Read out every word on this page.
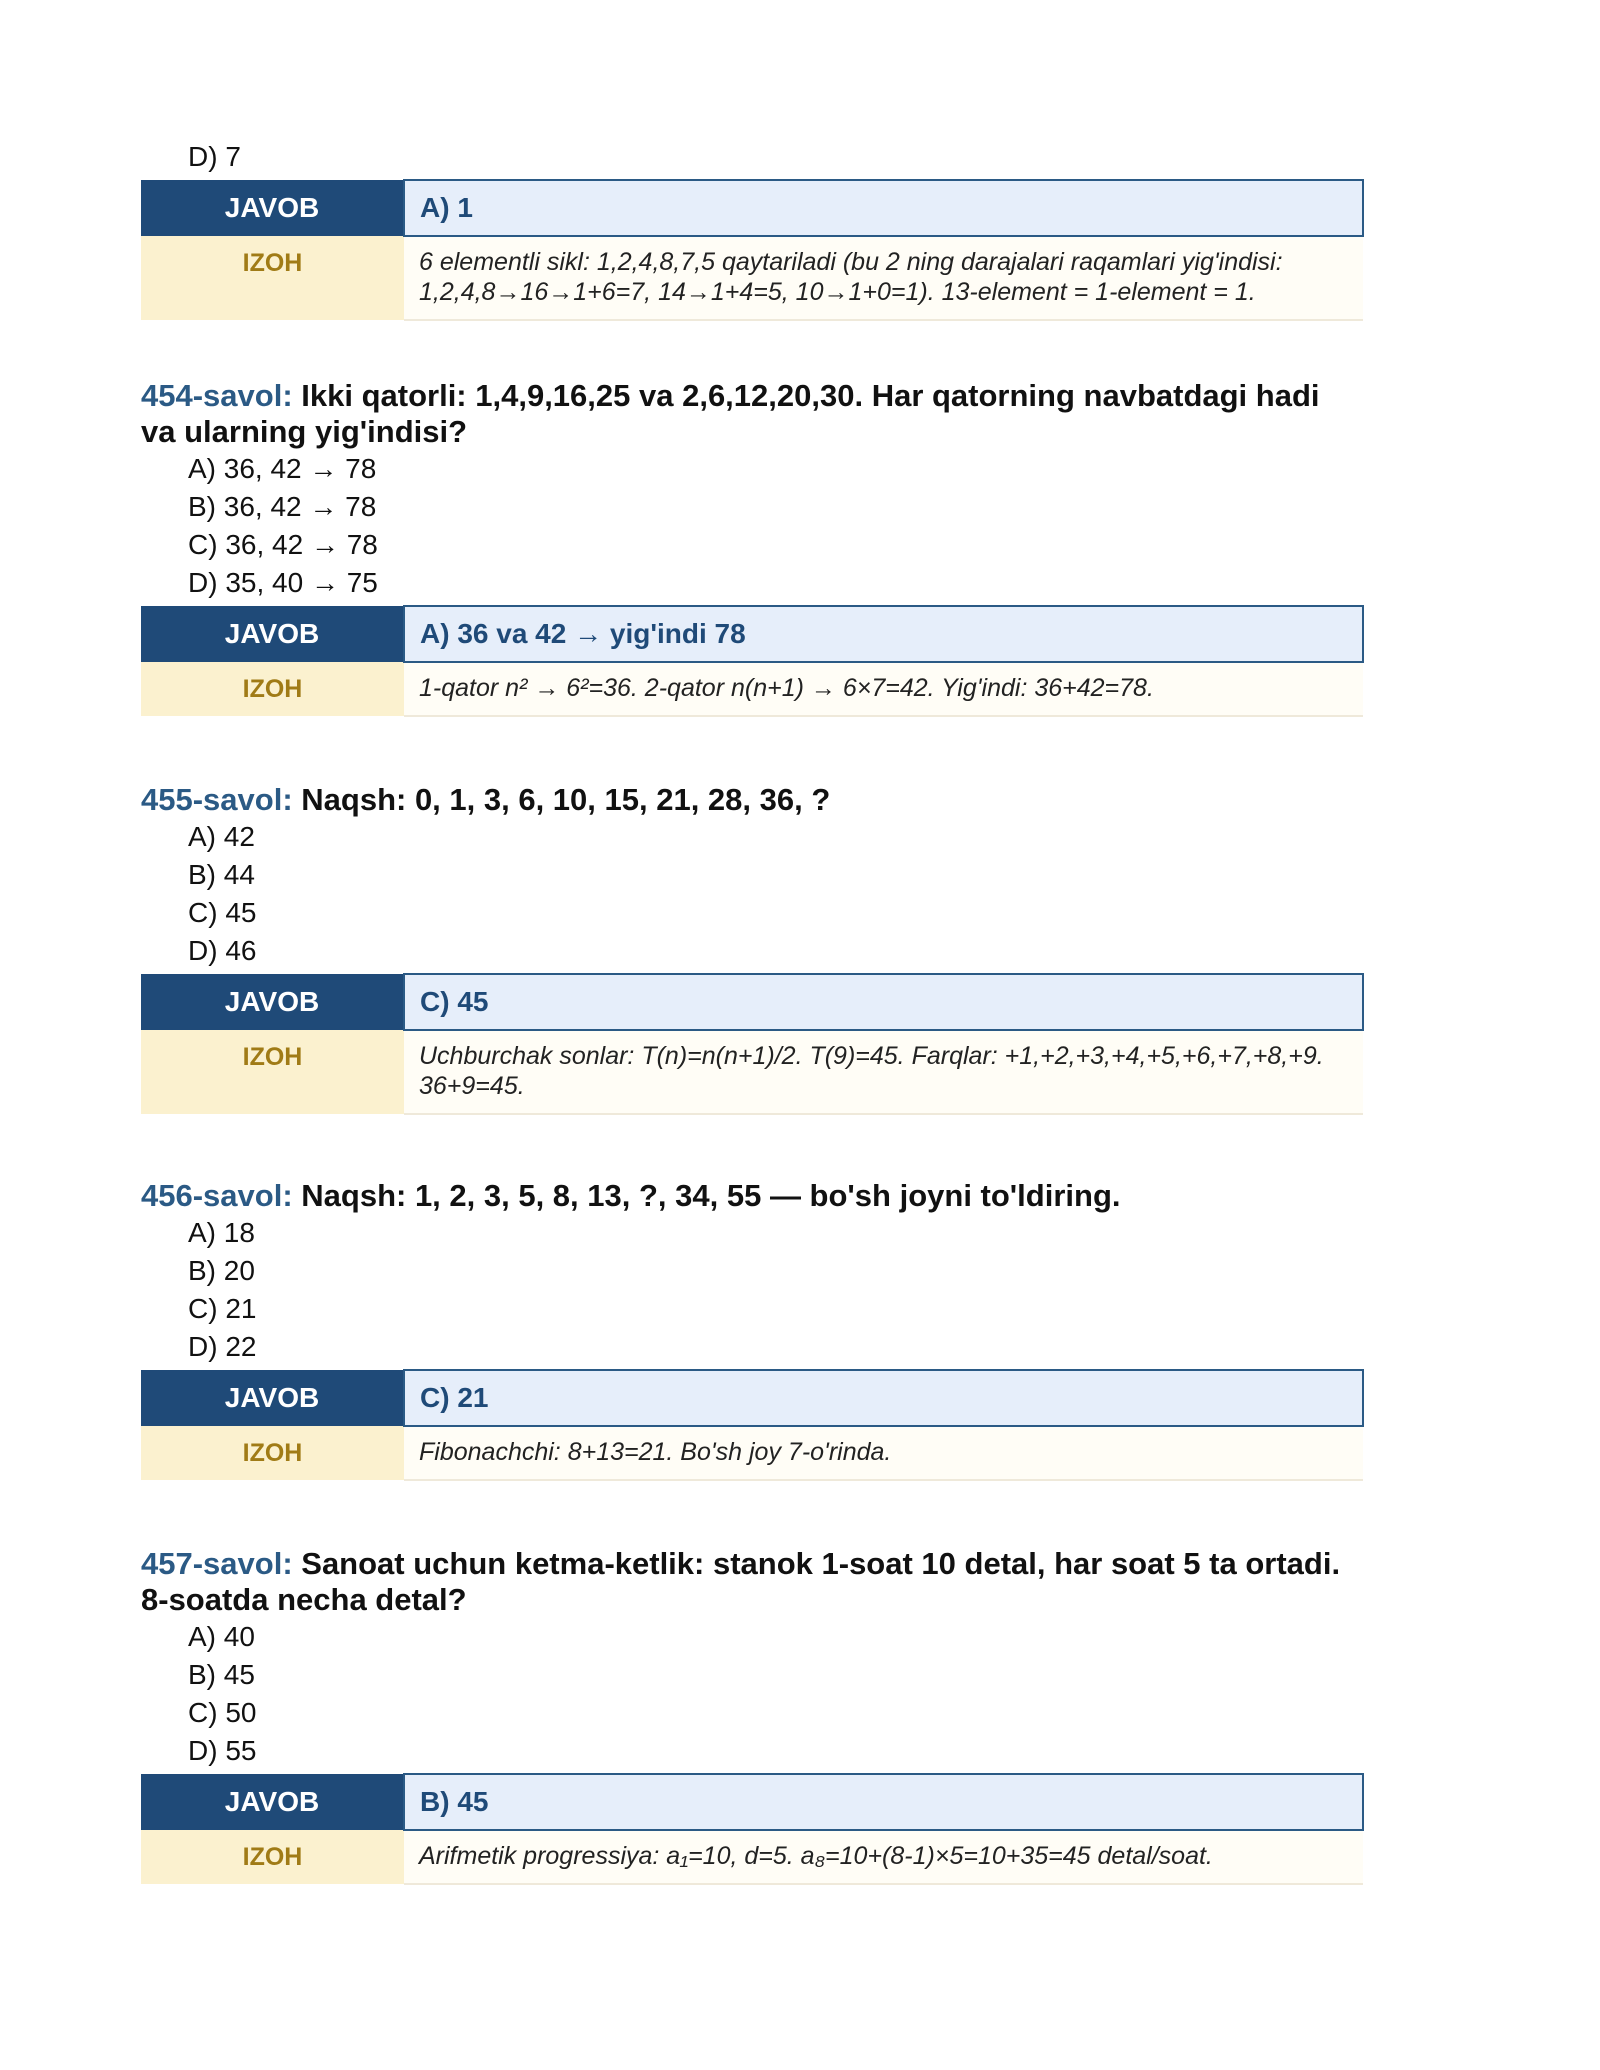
D) 7
JAVOB	A) 1
IZOH	6 elementli sikl: 1,2,4,8,7,5 qaytariladi (bu 2 ning darajalari raqamlari yig'indisi: 1,2,4,8→16→1+6=7, 14→1+4=5, 10→1+0=1). 13-element = 1-element = 1.
454-savol: Ikki qatorli: 1,4,9,16,25 va 2,6,12,20,30. Har qatorning navbatdagi hadi va ularning yig'indisi?
A) 36, 42 → 78
B) 36, 42 → 78
C) 36, 42 → 78
D) 35, 40 → 75
JAVOB	A) 36 va 42 → yig'indi 78
IZOH	1-qator n² → 6²=36. 2-qator n(n+1) → 6×7=42. Yig'indi: 36+42=78.
455-savol: Naqsh: 0, 1, 3, 6, 10, 15, 21, 28, 36, ?
A) 42
B) 44
C) 45
D) 46
JAVOB	C) 45
IZOH	Uchburchak sonlar: T(n)=n(n+1)/2. T(9)=45. Farqlar: +1,+2,+3,+4,+5,+6,+7,+8,+9. 36+9=45.
456-savol: Naqsh: 1, 2, 3, 5, 8, 13, ?, 34, 55 — bo'sh joyni to'ldiring.
A) 18
B) 20
C) 21
D) 22
JAVOB	C) 21
IZOH	Fibonachchi: 8+13=21. Bo'sh joy 7-o'rinda.
457-savol: Sanoat uchun ketma-ketlik: stanok 1-soat 10 detal, har soat 5 ta ortadi. 8-soatda necha detal?
A) 40
B) 45
C) 50
D) 55
JAVOB	B) 45
IZOH	Arifmetik progressiya: a₁=10, d=5. a₈=10+(8-1)×5=10+35=45 detal/soat.
